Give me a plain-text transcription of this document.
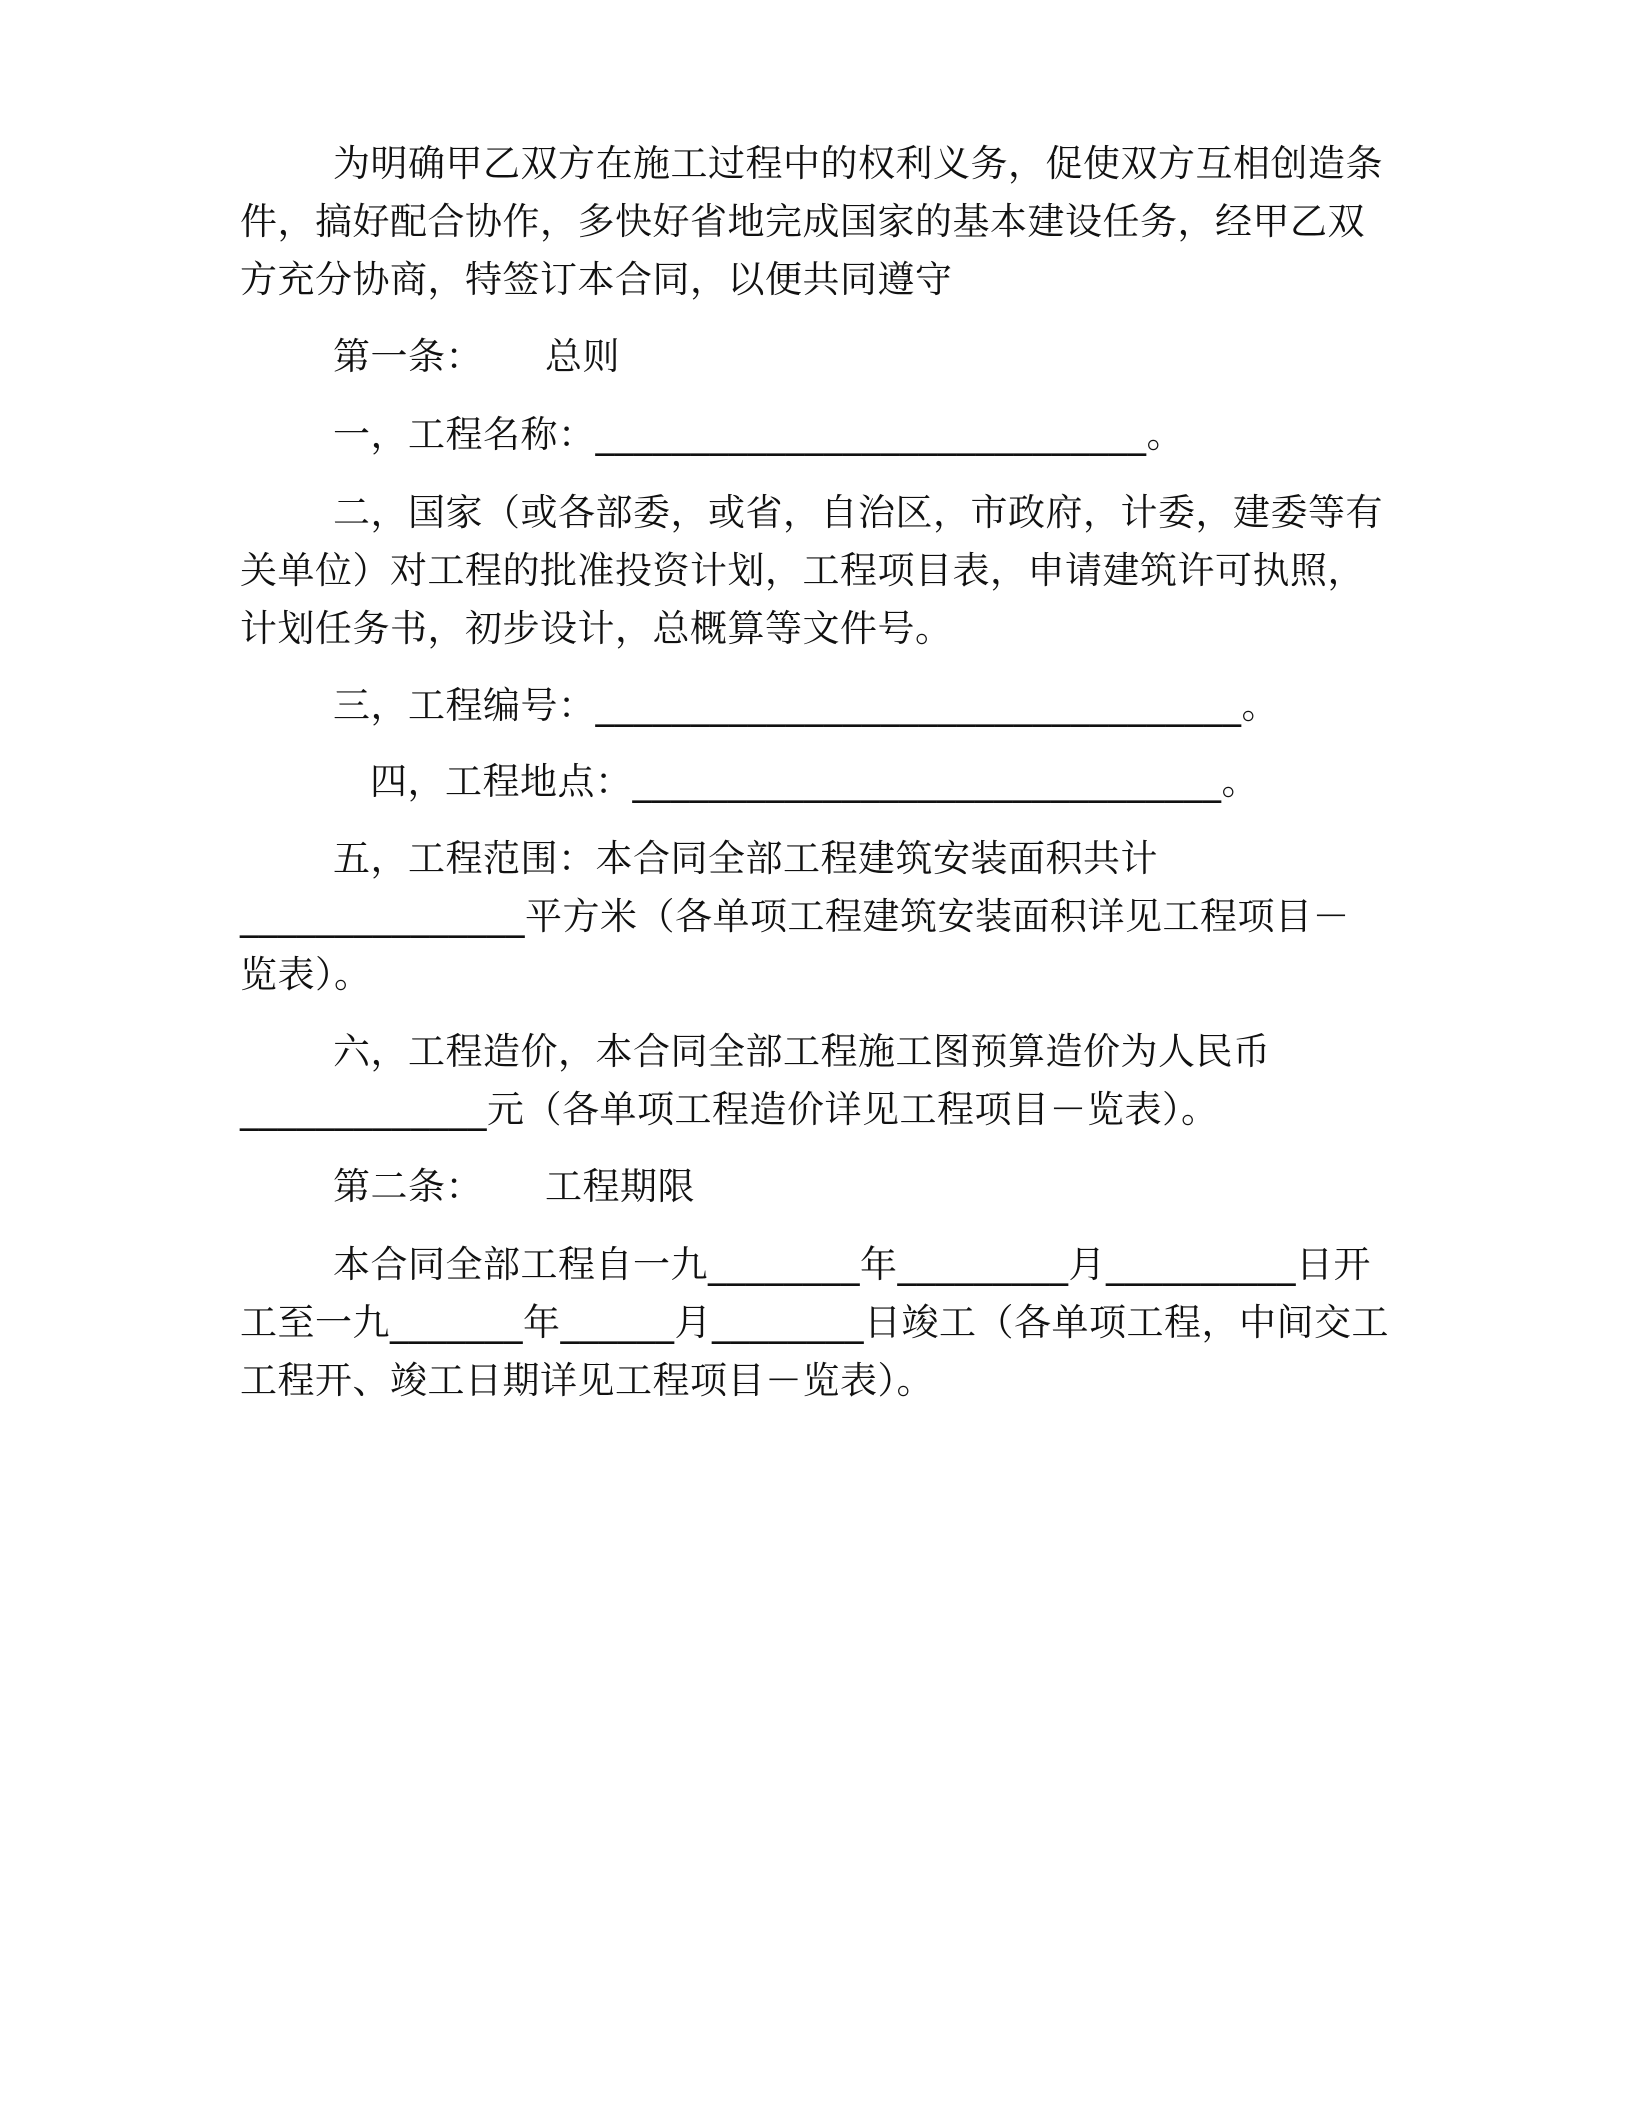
为明确甲乙双方在施工过程中的权利义务，促使双方互相创造条
件，搞好配合协作，多快好省地完成国家的基本建设任务，经甲乙双
方充分协商，特签订本合同，以便共同遵守
第一条： 总则
一，工程名称：_____________________________。
二，国家（或各部委，或省，自治区，市政府，计委，建委等有
关单位）对工程的批准投资计划，工程项目表，申请建筑许可执照，
计划任务书，初步设计，总概算等文件号。
三，工程编号：__________________________________。
四，工程地点：_______________________________。
五，工程范围：本合同全部工程建筑安装面积共计
_______________平方米（各单项工程建筑安装面积详见工程项目－
览表）。
六，工程造价，本合同全部工程施工图预算造价为人民币
_____________元（各单项工程造价详见工程项目－览表）。
第二条： 工程期限
本合同全部工程自一九________年_________月__________日开
工至一九_______年______月________日竣工（各单项工程，中间交工
工程开、竣工日期详见工程项目－览表）。
